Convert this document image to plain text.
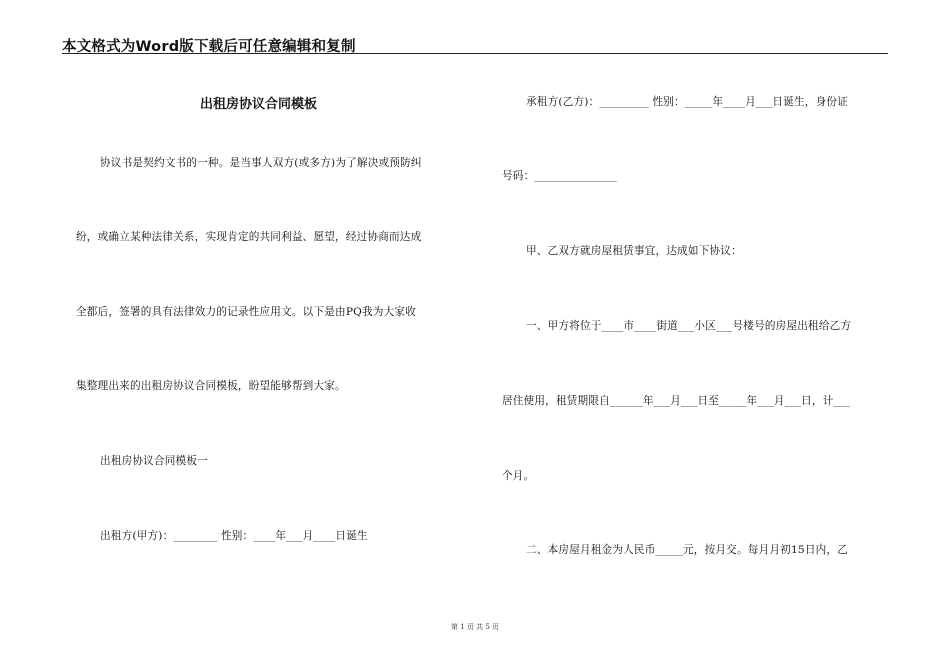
本文格式为Word版下载后可任意编辑和复制
出租房协议合同模板
协议书是契约文书的一种。是当事人双方(或多方)为了解决或预防纠
纷，或确立某种法律关系，实现肯定的共同利益、愿望，经过协商而达成
全都后，签署的具有法律效力的记录性应用文。以下是由PQ我为大家收
集整理出来的出租房协议合同模板，盼望能够帮到大家。
出租房协议合同模板一
出租方(甲方)：________ 性别：____年___月____日诞生
承租方(乙方)：_________ 性别：_____年____月___日诞生，身份证
号码：_______________
甲、乙双方就房屋租赁事宜，达成如下协议：
一、甲方将位于____市____街道___小区___号楼号的房屋出租给乙方
居住使用，租赁期限自______年___月___日至_____年___月___日，计___
个月。
二、本房屋月租金为人民币_____元，按月交。每月月初15日内，乙
第 1 页 共 5 页
